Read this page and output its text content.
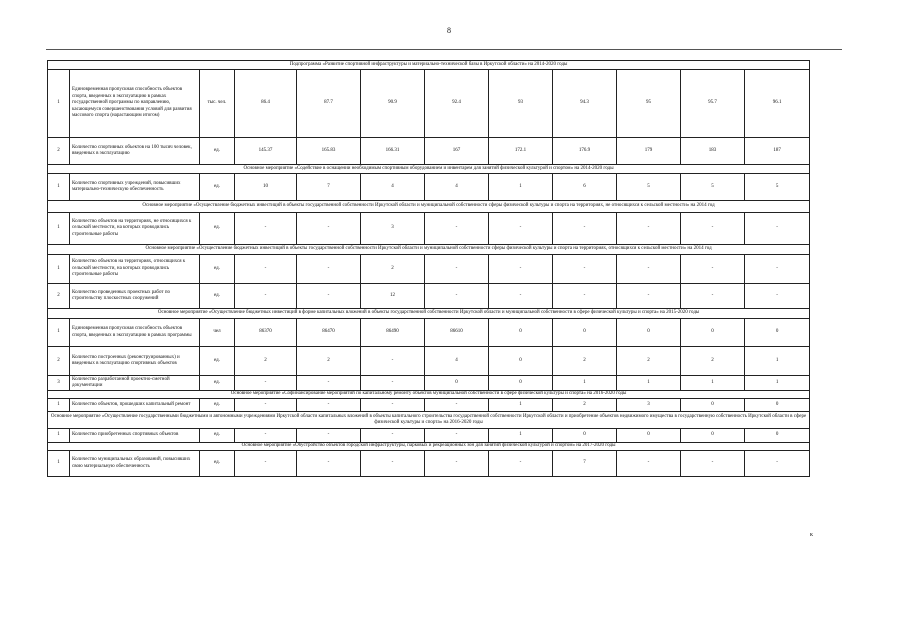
8
Подпрограмма «Развитие спортивной инфраструктуры и материально-технической базы в Иркутской области» на 2014-2020 годы											
1	Единовременная пропускная способность объектов спорта, введенных в эксплуатацию в рамках государственной программы по направлению, касающемуся совершенствования условий для развития массового спорта (нарастающим итогом)	тыс. чел.	86.4	87.7	90.9	92.4	93	94.3	95	95.7	96.1
2	Количество спортивных объектов на 100 тысяч человек, введенных в эксплуатацию	ед.	145.37	165.83	166.31	167	172.1	176.9	179	183	187
Основное мероприятие «Содействие в оснащении необходимым спортивным оборудованием и инвентарем для занятий физической культурой и спортом» на 2014-2020 годы											
1	Количество спортивных учреждений, повысивших материально-техническую обеспеченность	ед.	10	7	4	4	1	6	5	5	5
Основное мероприятие «Осуществление бюджетных инвестиций в объекты государственной собственности Иркутской области и муниципальной собственности сферы физической культуры и спорта на территориях, не относящихся к сельской местности» на 2014 год											
1	Количество объектов на территориях, не относящихся к сельской местности, на которых проводились строительные работы	ед.	-	-	3	-	-	-	-	-	-
Основное мероприятие «Осуществление бюджетных инвестиций в объекты государственной собственности Иркутской области и муниципальной собственности сферы физической культуры и спорта на территориях, относящихся к сельской местности» на 2014 год											
1	Количество объектов на территориях, относящихся к сельской местности, на которых проводились строительные работы	ед.	-	-	2	-	-	-	-	-	-
2	Количество проведенных проектных работ по строительству плоскостных сооружений	ед.	-	-	12	-	-	-	-	-	-
Основное мероприятие «Осуществление бюджетных инвестиций в форме капитальных вложений в объекты государственной собственности Иркутской области и муниципальной собственности в сфере физической культуры и спорта» на 2015-2020 годы											
1	Единовременная пропускная способность объектов спорта, введенных в эксплуатацию в рамках программы	чел	86370	86470	86490	86610	0	0	0	0	0
2	Количество построенных (реконструированных) и введенных в эксплуатацию спортивных объектов	ед.	2	2	-	4	0	2	2	2	1
3	Количество разработанной проектно-сметной документации	ед.	-	-	-	0	0	1	1	1	1
Основное мероприятие «Софинансирование мероприятий по капитальному ремонту объектов муниципальной собственности в сфере физической культуры и спорта» на 2016-2020 годы											
1	Количество объектов, прошедших капитальный ремонт	ед.	-	-	-	-	1	2	3	0	0
Основное мероприятие «Осуществление государственными бюджетными и автономными учреждениями Иркутской области капитальных вложений в объекты капитального строительства государственной собственности Иркутской области и приобретение объектов недвижимого имущества в государственную собственность Иркутской области в сфере физической культуры и спорта» на 2016-2020 годы											
1	Количество приобретенных спортивных объектов	ед.	-	-	-	-	1	0	0	0	0
Основное мероприятие «Обустройство объектов городской инфраструктуры, парковых и рекреационных зон для занятий физической культурой и спортом» на 2017-2020 годы											
1	Количество муниципальных образований, повысивших свою материальную обеспеченность	ед.	-	-	-	-	-	7	-	-	-
к
